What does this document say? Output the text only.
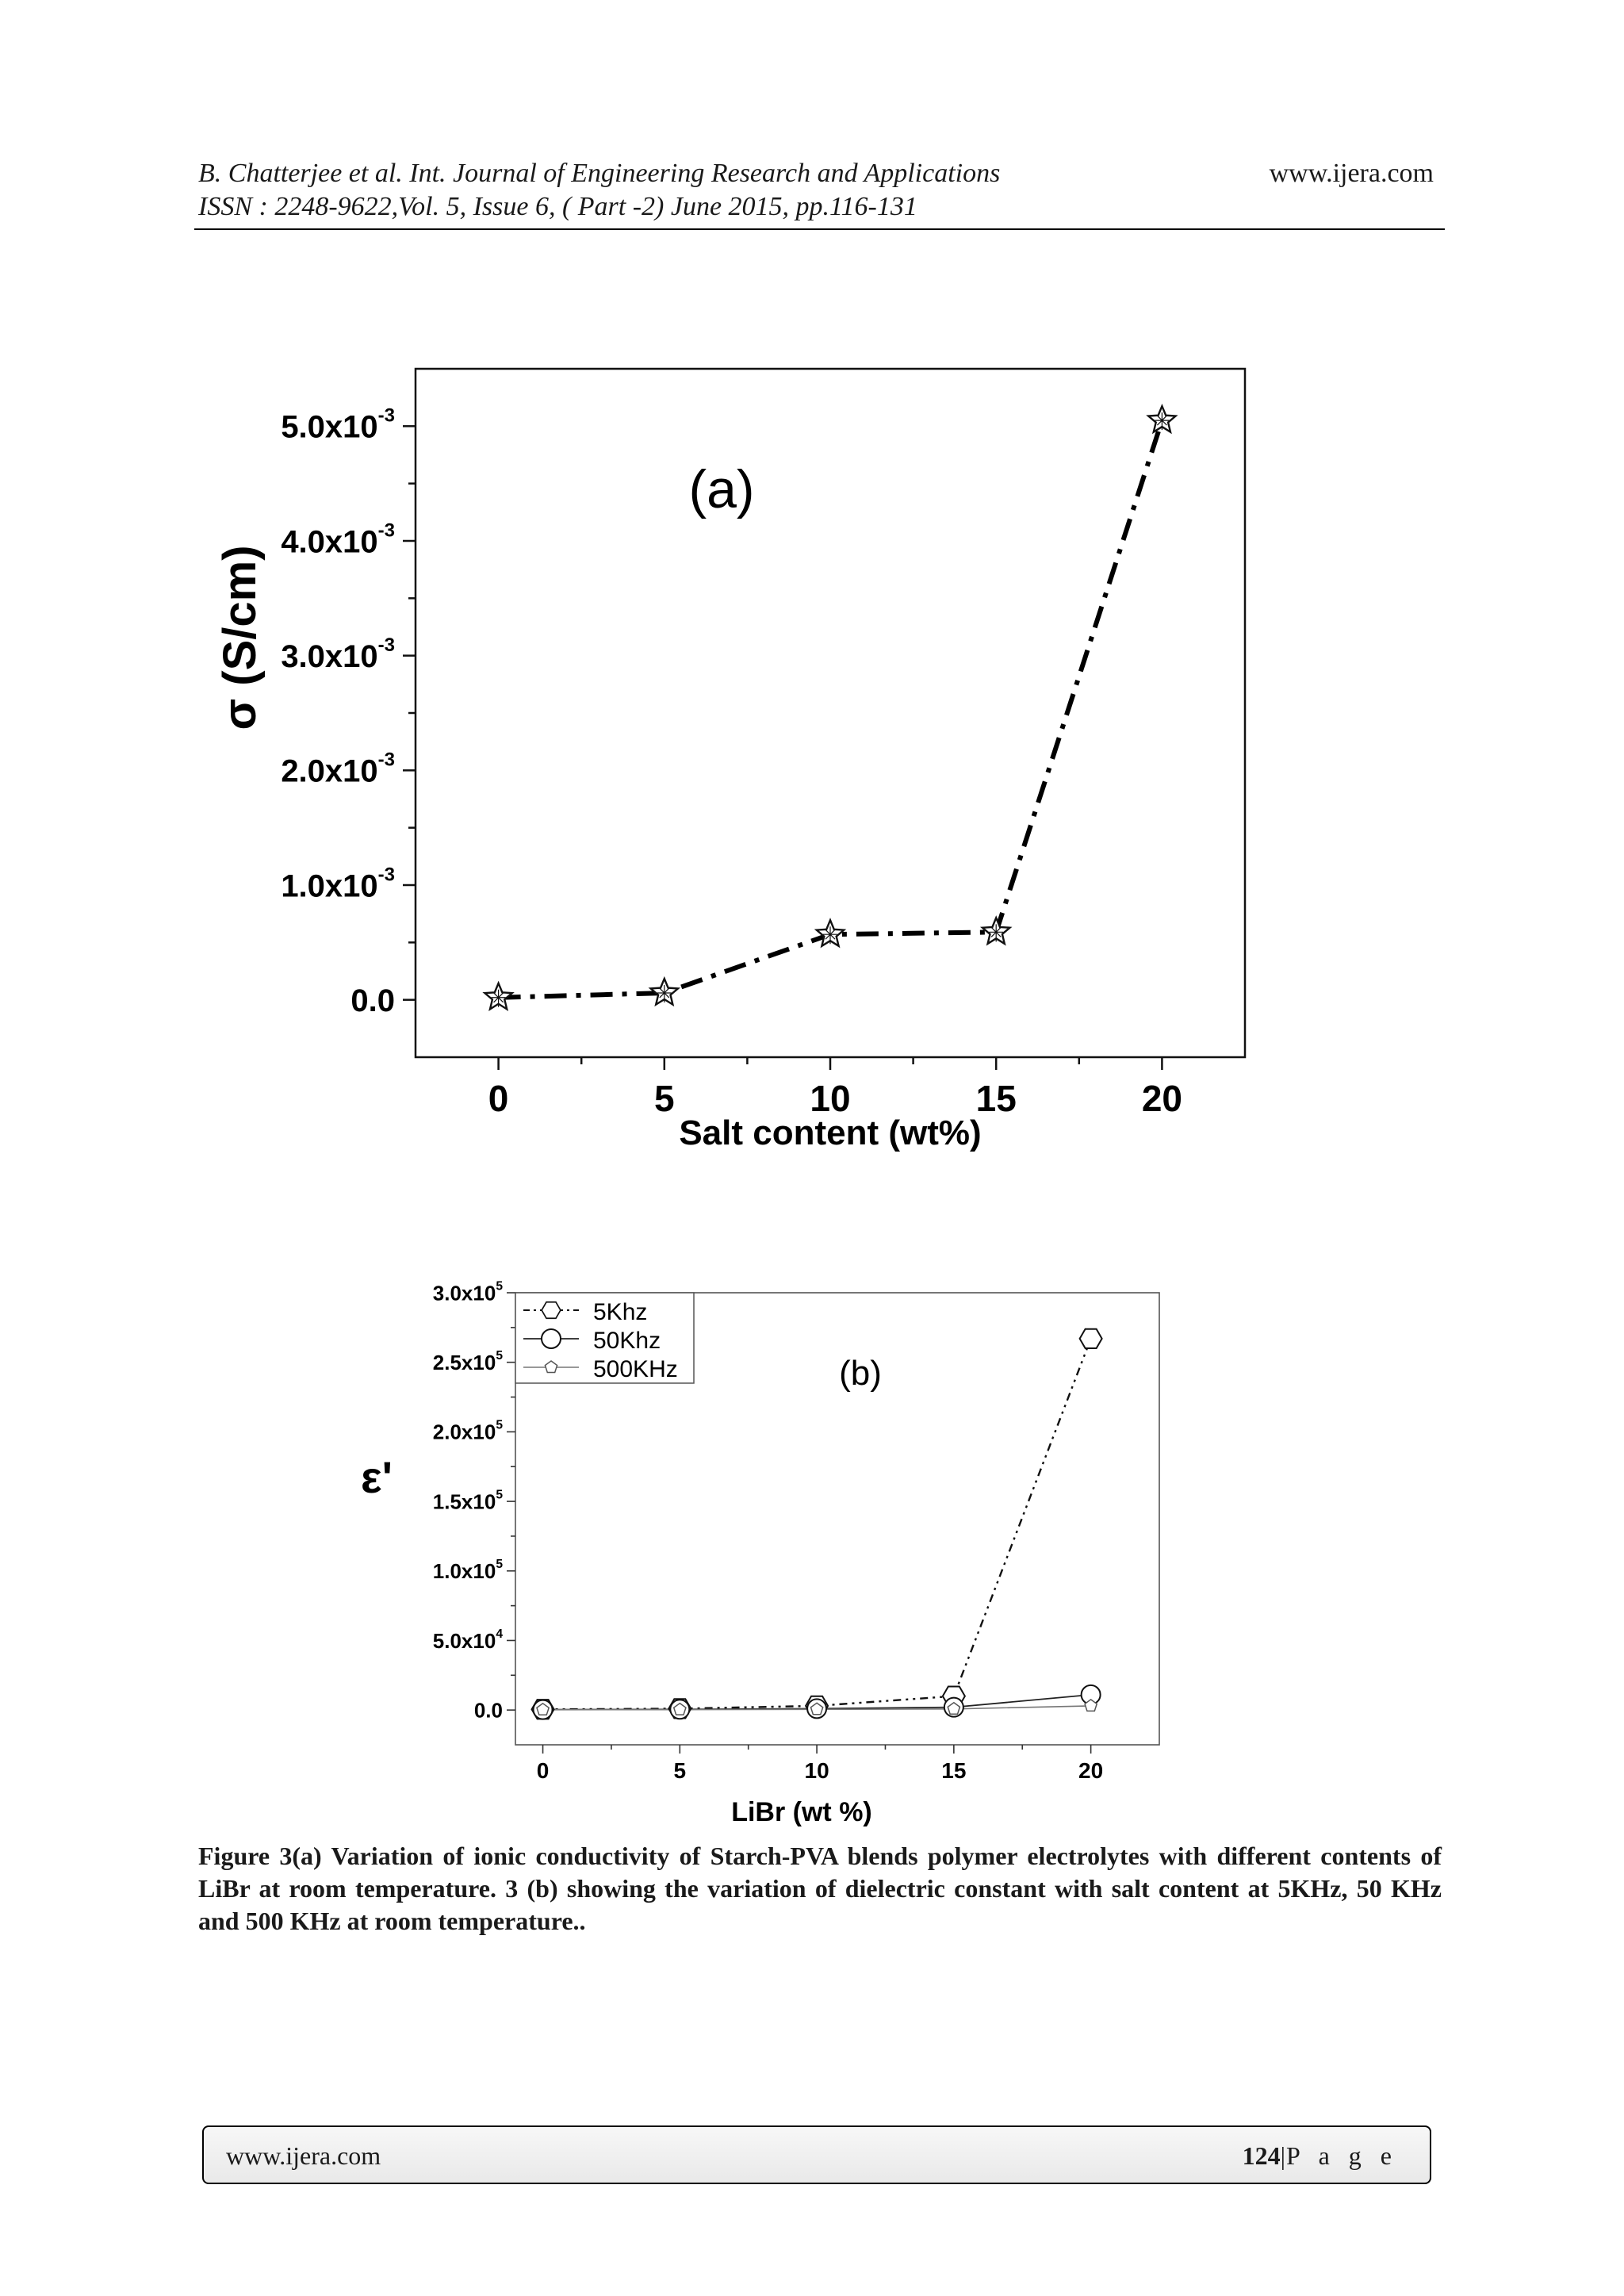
B. Chatterjee et al. Int. Journal of Engineering Research and Applications
ISSN : 2248-9622,Vol. 5, Issue 6, ( Part -2) June 2015, pp.116-131
www.ijera.com
0	5	10	15	20
0.0
$1.0x10^{-3}$
$2.0x10^{-3}$
$3.0x10^{-3}$
$4.0x10^{-3}$
$5.0x10^{-3}$
(a)
Salt content (wt%)
σ (S/cm)
0	5	10	15	20
0.0
$5.0x10^4$
$1.0x10^5$
$1.5x10^5$
$2.0x10^5$
$2.5x10^5$
$3.0x10^5$
(b)
LiBr (wt %)
ε'
5Khz
50Khz
500KHz
Figure 3(a) Variation of ionic conductivity of Starch-PVA blends polymer electrolytes with different contents of LiBr at room temperature. 3 (b) showing the variation of dielectric constant with salt content at 5KHz, 50 KHz and 500 KHz at room temperature..
www.ijera.com	124|P a g e
